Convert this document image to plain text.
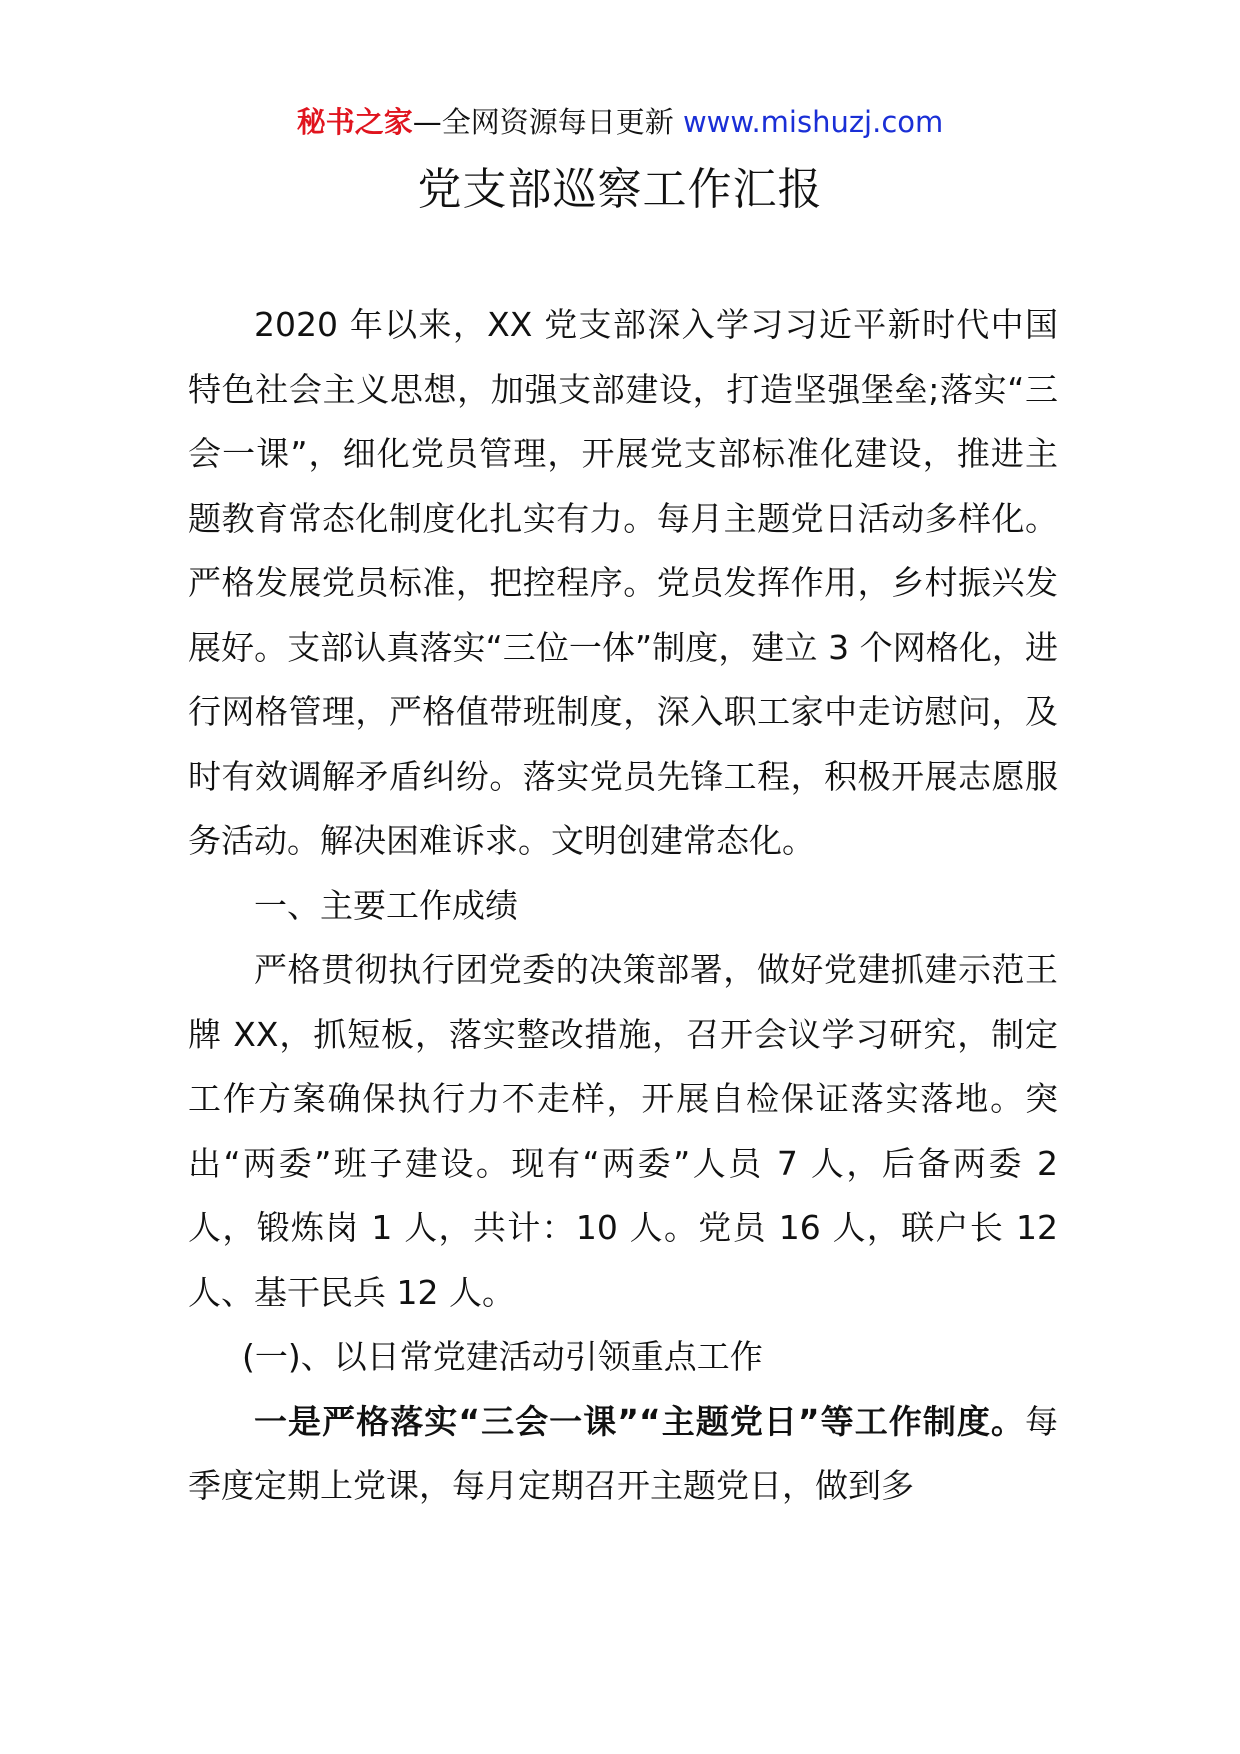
秘书之家—全网资源每日更新 www.mishuzj.com
党支部巡察工作汇报

2020 年以来，XX 党支部深入学习习近平新时代中国特色社会主义思想，加强支部建设，打造坚强堡垒;落实“三会一课”，细化党员管理，开展党支部标准化建设，推进主题教育常态化制度化扎实有力。每月主题党日活动多样化。严格发展党员标准，把控程序。党员发挥作用，乡村振兴发展好。支部认真落实“三位一体”制度，建立 3 个网格化，进行网格管理，严格值带班制度，深入职工家中走访慰问，及时有效调解矛盾纠纷。落实党员先锋工程，积极开展志愿服务活动。解决困难诉求。文明创建常态化。

一、主要工作成绩

严格贯彻执行团党委的决策部署，做好党建抓建示范王牌 XX，抓短板，落实整改措施，召开会议学习研究，制定工作方案确保执行力不走样，开展自检保证落实落地。突出“两委”班子建设。现有“两委”人员 7 人，后备两委 2 人，锻炼岗 1 人，共计：10 人。党员 16 人，联户长 12 人、基干民兵 12 人。

(一)、以日常党建活动引领重点工作

一是严格落实“三会一课”“主题党日”等工作制度。每季度定期上党课，每月定期召开主题党日，做到多
